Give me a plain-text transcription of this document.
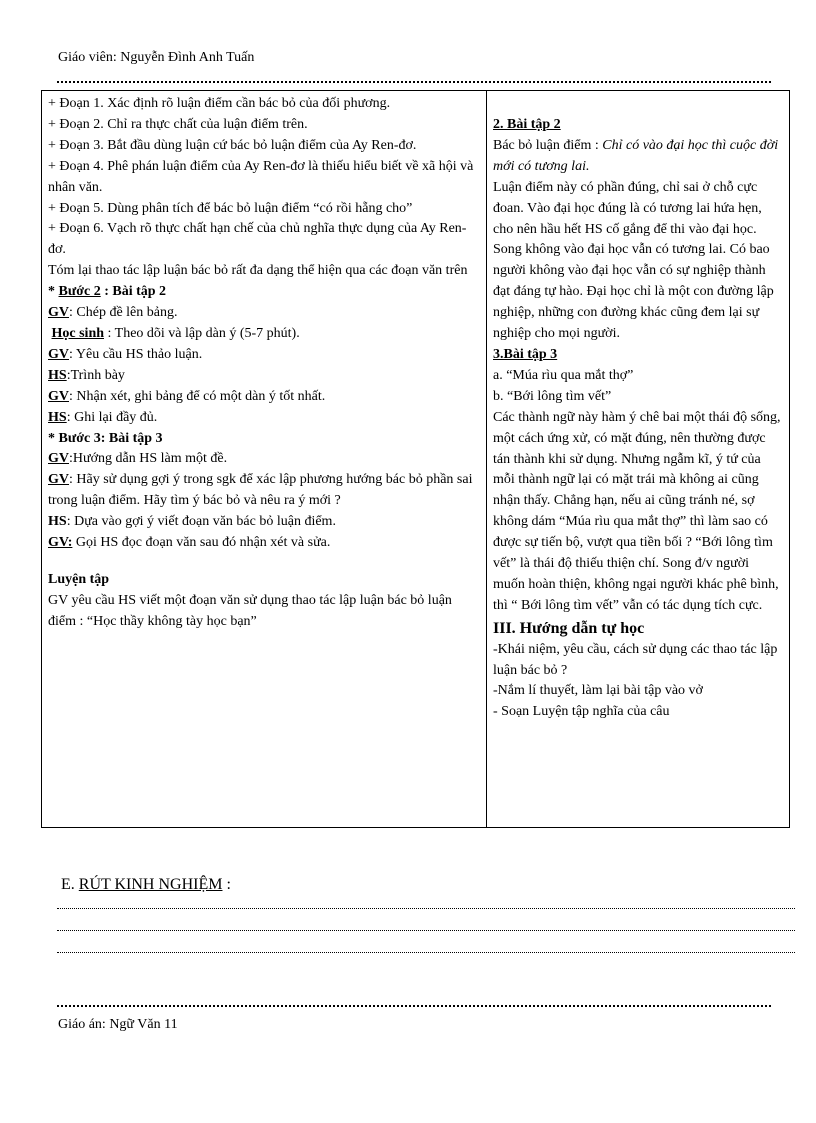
Giáo viên: Nguyễn Đình Anh Tuấn
+ Đoạn 1. Xác định rõ luận điểm cần bác bỏ của đối phương.
+ Đoạn 2. Chỉ ra thực chất của luận điểm trên.
+ Đoạn 3. Bắt đầu dùng luận cứ bác bỏ luận điểm của Ay Ren-đơ.
+ Đoạn 4. Phê phán luận điểm của Ay Ren-đơ là thiếu hiểu biết về xã hội và nhân văn.
+ Đoạn 5. Dùng phân tích để bác bỏ luận điểm “có rồi hẵng cho”
+ Đoạn 6. Vạch rõ thực chất hạn chế của chủ nghĩa thực dụng của Ay Ren-đơ.
Tóm lại thao tác lập luận bác bỏ rất đa dạng thể hiện qua các đoạn văn trên
* Bước 2 : Bài tập 2
GV: Chép đề lên bảng.
Học sinh : Theo dõi và lập dàn ý (5-7 phút).
GV: Yêu cầu HS thảo luận.
HS:Trình bày
GV: Nhận xét, ghi bảng để có một dàn ý tốt nhất.
HS: Ghi lại đầy đủ.
* Bước 3: Bài tập 3
GV:Hướng dẫn HS làm một đề.
GV: Hãy sử dụng gợi ý trong sgk để xác lập phương hướng bác bỏ phần sai trong luận điểm. Hãy tìm ý bác bỏ và nêu ra ý mới ?
HS: Dựa vào gợi ý viết đoạn văn bác bỏ luận điểm.
GV: Gọi HS đọc đoạn văn sau đó nhận xét và sửa.
Luyện tập
GV yêu cầu HS viết một đoạn văn sử dụng thao tác lập luận bác bỏ luận điểm : “Học thầy không tày học bạn”

2. Bài tập 2
Bác bỏ luận điểm : Chỉ có vào đại học thì cuộc đời mới có tương lai.
Luận điểm này có phần đúng, chỉ sai ở chỗ cực đoan. Vào đại học đúng là có tương lai hứa hẹn, cho nên hầu hết HS cố gắng để thi vào đại học. Song không vào đại học vẫn có tương lai. Có bao người không vào đại học vẫn có sự nghiệp thành đạt đáng tự hào. Đại học chỉ là một con đường lập nghiệp, những con đường khác cũng đem lại sự nghiệp cho mọi người.
3.Bài tập 3
a. “Múa rìu qua mắt thợ”
b. “Bới lông tìm vết”
Các thành ngữ này hàm ý chê bai một thái độ sống, một cách ứng xử, có mặt đúng, nên thường được tán thành khi sử dụng. Nhưng ngẫm kĩ, ý tứ của mỗi thành ngữ lại có mặt trái mà không ai cũng nhận thấy. Chẳng hạn, nếu ai cũng tránh né, sợ không dám “Múa rìu qua mắt thợ” thì làm sao có được sự tiến bộ, vượt qua tiền bối ? “Bới lông tìm vết” là thái độ thiếu thiện chí. Song đ/v người muốn hoàn thiện, không ngại người khác phê bình, thì “ Bới lông tìm vết” vẫn có tác dụng tích cực.
III. Hướng dẫn tự học
-Khái niệm, yêu cầu, cách sử dụng các thao tác lập luận bác bỏ ?
-Nắm lí thuyết, làm lại bài tập vào vở
- Soạn Luyện tập nghĩa của câu
E. RÚT KINH NGHIỆM :
Giáo án: Ngữ Văn 11
